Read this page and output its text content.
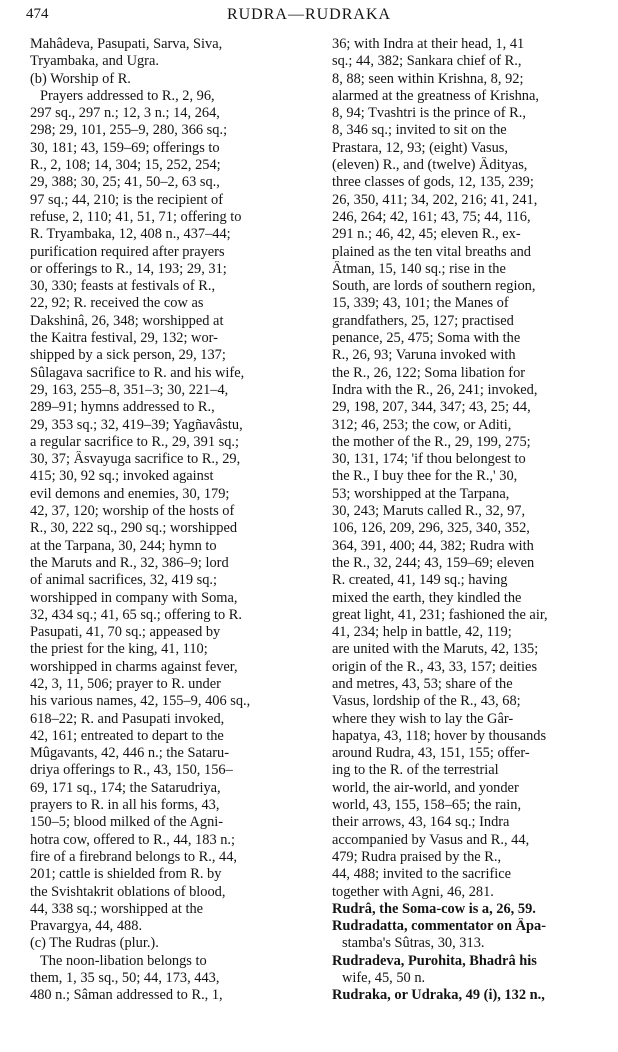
474	RUDRA—RUDRAKA
Mahâdeva, Pasupati, Sarva, Siva,
Tryambaka, and Ugra.
(b) Worship of R.
Prayers addressed to R., 2, 96,
297 sq., 297 n.; 12, 3 n.; 14, 264,
298; 29, 101, 255–9, 280, 366 sq.;
30, 181; 43, 159–69; offerings to
R., 2, 108; 14, 304; 15, 252, 254;
29, 388; 30, 25; 41, 50–2, 63 sq.,
97 sq.; 44, 210; is the recipient of
refuse, 2, 110; 41, 51, 71; offering to
R. Tryambaka, 12, 408 n., 437–44;
purification required after prayers
or offerings to R., 14, 193; 29, 31;
30, 330; feasts at festivals of R.,
22, 92; R. received the cow as
Dakshinâ, 26, 348; worshipped at
the Kaitra festival, 29, 132; wor-
shipped by a sick person, 29, 137;
Sûlagava sacrifice to R. and his wife,
29, 163, 255–8, 351–3; 30, 221–4,
289–91; hymns addressed to R.,
29, 353 sq.; 32, 419–39; Yagñavâstu,
a regular sacrifice to R., 29, 391 sq.;
30, 37; Âsvayuga sacrifice to R., 29,
415; 30, 92 sq.; invoked against
evil demons and enemies, 30, 179;
42, 37, 120; worship of the hosts of
R., 30, 222 sq., 290 sq.; worshipped
at the Tarpana, 30, 244; hymn to
the Maruts and R., 32, 386–9; lord
of animal sacrifices, 32, 419 sq.;
worshipped in company with Soma,
32, 434 sq.; 41, 65 sq.; offering to R.
Pasupati, 41, 70 sq.; appeased by
the priest for the king, 41, 110;
worshipped in charms against fever,
42, 3, 11, 506; prayer to R. under
his various names, 42, 155–9, 406 sq.,
618–22; R. and Pasupati invoked,
42, 161; entreated to depart to the
Mûgavants, 42, 446 n.; the Sataru-
driya offerings to R., 43, 150, 156–
69, 171 sq., 174; the Satarudriya,
prayers to R. in all his forms, 43,
150–5; blood milked of the Agni-
hotra cow, offered to R., 44, 183 n.;
fire of a firebrand belongs to R., 44,
201; cattle is shielded from R. by
the Svishtakrit oblations of blood,
44, 338 sq.; worshipped at the
Pravargya, 44, 488.
(c) The Rudras (plur.).
The noon-libation belongs to
them, 1, 35 sq., 50; 44, 173, 443,
480 n.; Sâman addressed to R., 1,
36; with Indra at their head, 1, 41
sq.; 44, 382; Sankara chief of R.,
8, 88; seen within Krishna, 8, 92;
alarmed at the greatness of Krishna,
8, 94; Tvashtri is the prince of R.,
8, 346 sq.; invited to sit on the
Prastara, 12, 93; (eight) Vasus,
(eleven) R., and (twelve) Âdityas,
three classes of gods, 12, 135, 239;
26, 350, 411; 34, 202, 216; 41, 241,
246, 264; 42, 161; 43, 75; 44, 116,
291 n.; 46, 42, 45; eleven R., ex-
plained as the ten vital breaths and
Âtman, 15, 140 sq.; rise in the
South, are lords of southern region,
15, 339; 43, 101; the Manes of
grandfathers, 25, 127; practised
penance, 25, 475; Soma with the
R., 26, 93; Varuna invoked with
the R., 26, 122; Soma libation for
Indra with the R., 26, 241; invoked,
29, 198, 207, 344, 347; 43, 25; 44,
312; 46, 253; the cow, or Aditi,
the mother of the R., 29, 199, 275;
30, 131, 174; 'if thou belongest to
the R., I buy thee for the R.,' 30,
53; worshipped at the Tarpana,
30, 243; Maruts called R., 32, 97,
106, 126, 209, 296, 325, 340, 352,
364, 391, 400; 44, 382; Rudra with
the R., 32, 244; 43, 159–69; eleven
R. created, 41, 149 sq.; having
mixed the earth, they kindled the
great light, 41, 231; fashioned the air,
41, 234; help in battle, 42, 119;
are united with the Maruts, 42, 135;
origin of the R., 43, 33, 157; deities
and metres, 43, 53; share of the
Vasus, lordship of the R., 43, 68;
where they wish to lay the Gâr-
hapatya, 43, 118; hover by thousands
around Rudra, 43, 151, 155; offer-
ing to the R. of the terrestrial
world, the air-world, and yonder
world, 43, 155, 158–65; the rain,
their arrows, 43, 164 sq.; Indra
accompanied by Vasus and R., 44,
479; Rudra praised by the R.,
44, 488; invited to the sacrifice
together with Agni, 46, 281.
Rudrâ, the Soma-cow is a, 26, 59.
Rudradatta, commentator on Âpa-
stamba's Sûtras, 30, 313.
Rudradeva, Purohita, Bhadrâ his
wife, 45, 50 n.
Rudraka, or Udraka, 49 (i), 132 n.,
